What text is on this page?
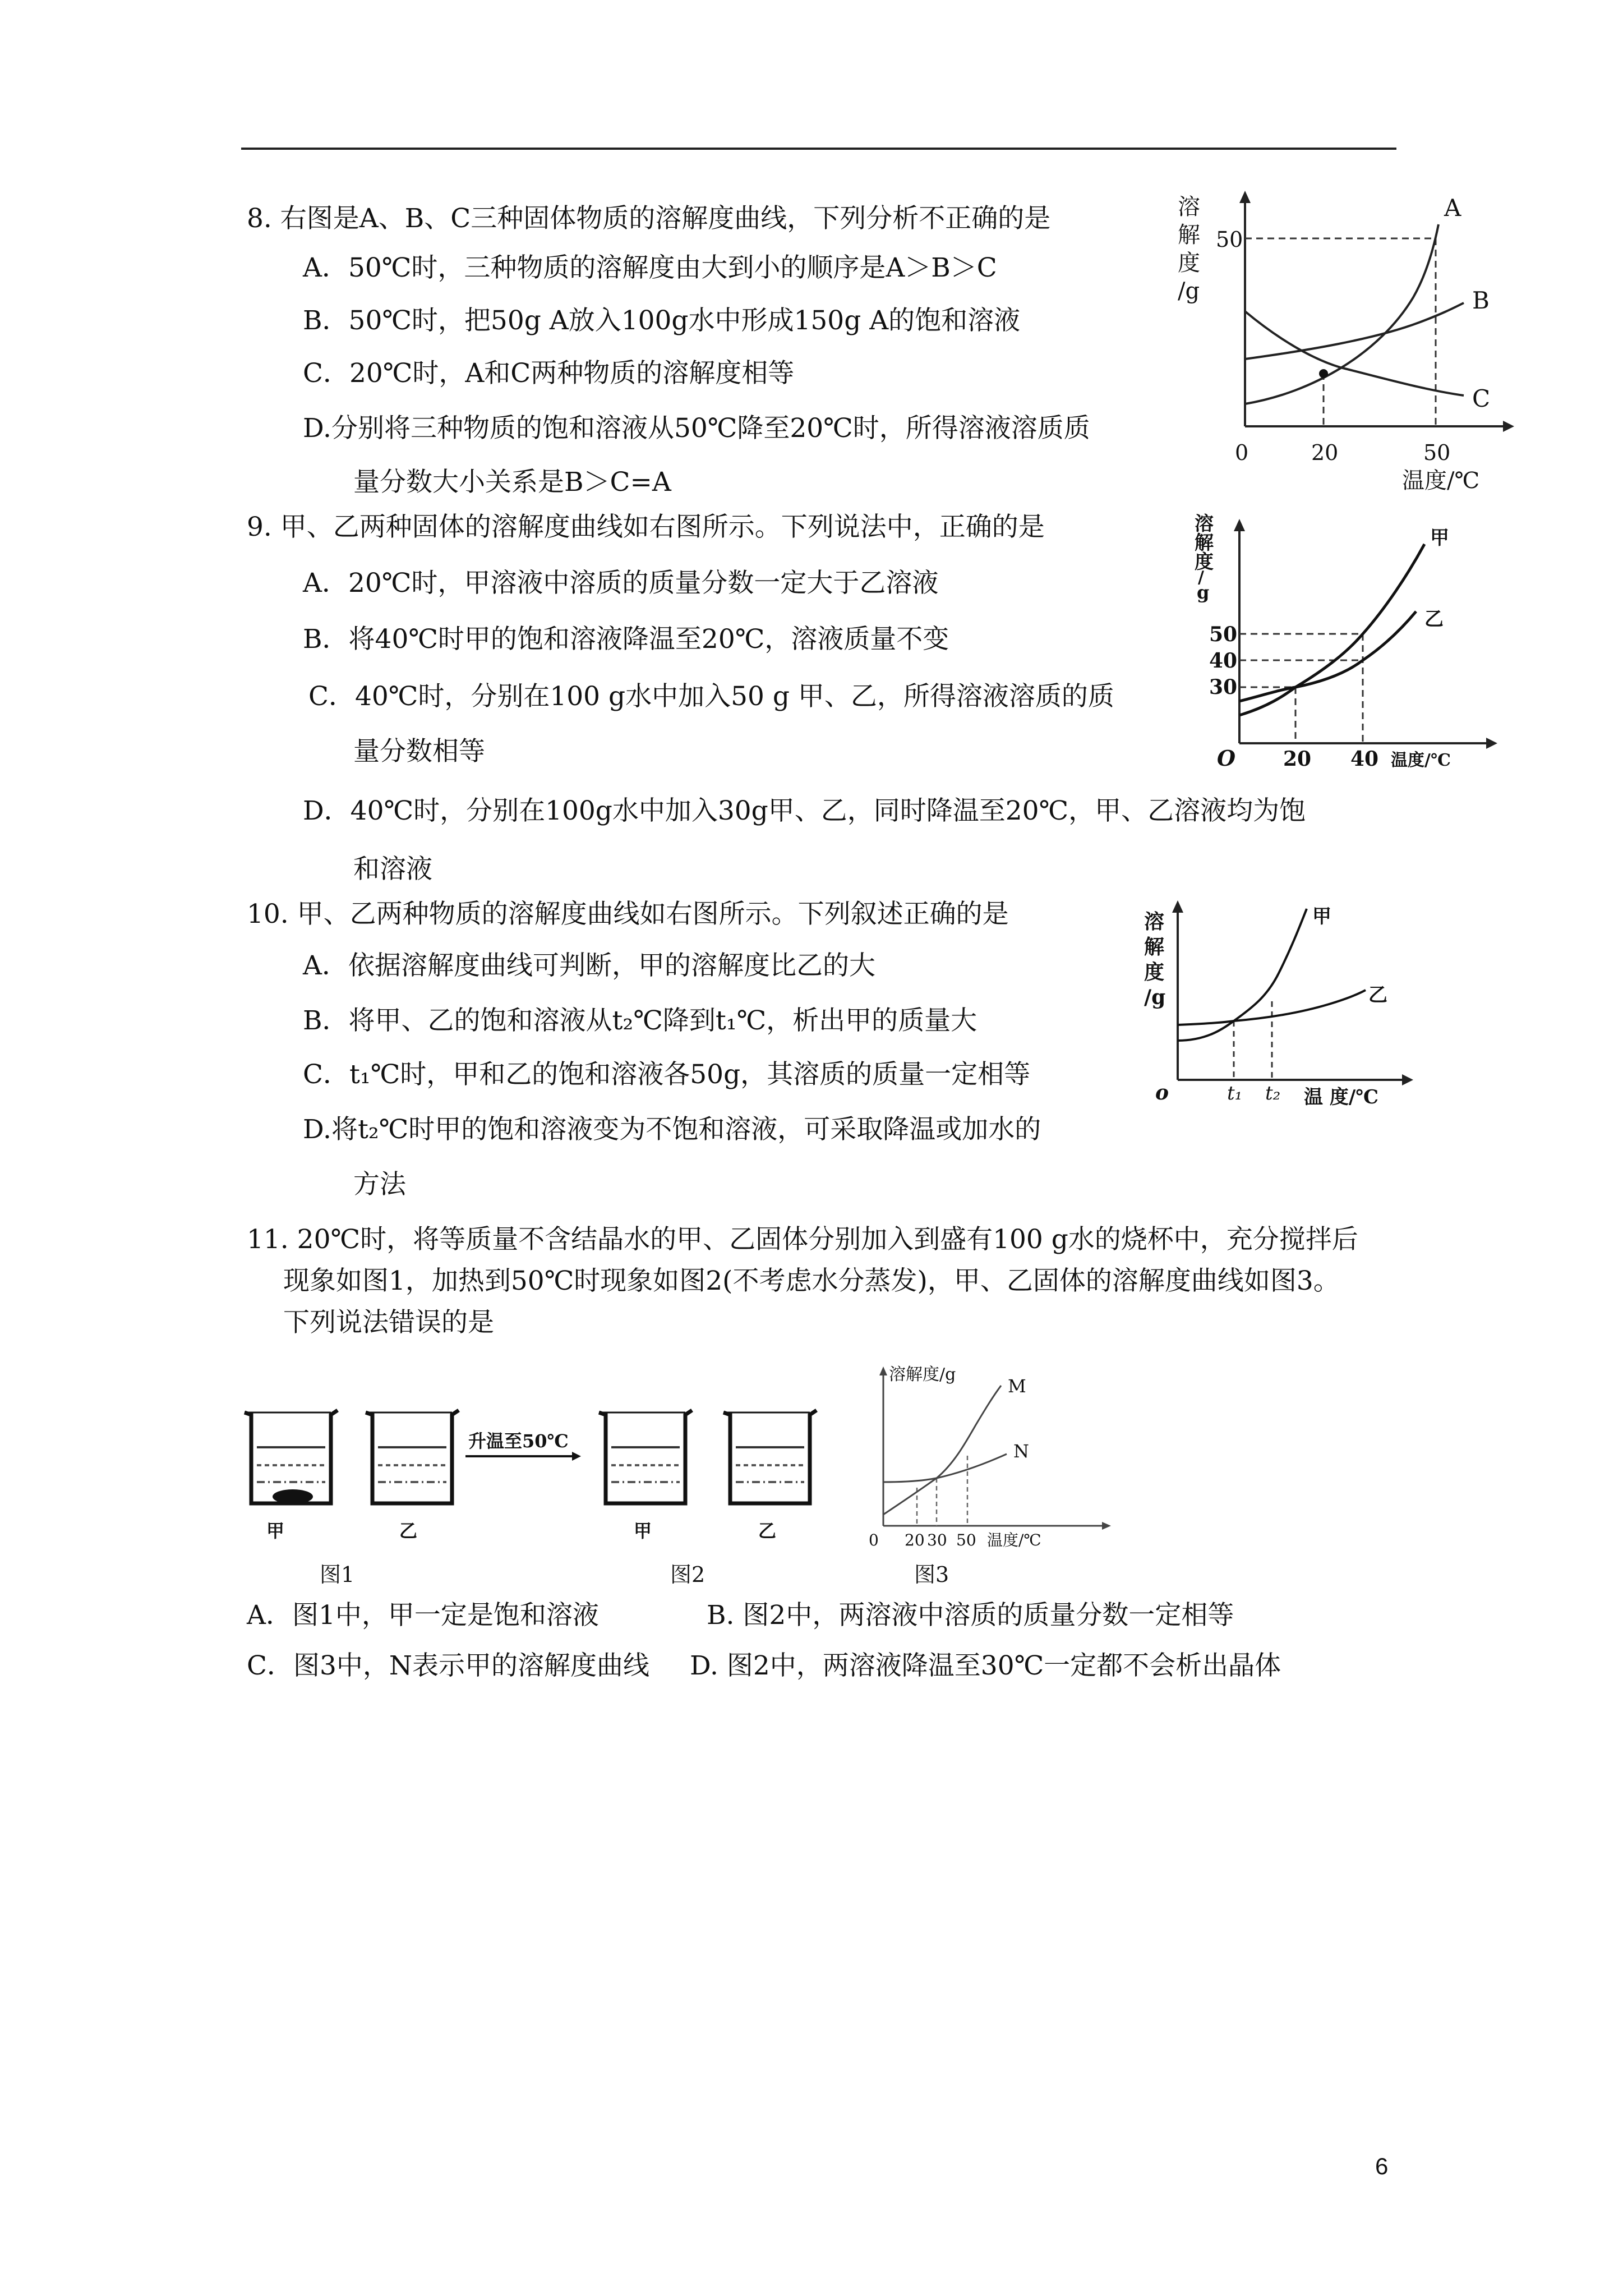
8. 右图是A、B、C三种固体物质的溶解度曲线，下列分析不正确的是
A．50℃时，三种物质的溶解度由大到小的顺序是A＞B＞C
B．50℃时，把50g A放入100g水中形成150g A的饱和溶液
C．20℃时，A和C两种物质的溶解度相等
D.分别将三种物质的饱和溶液从50℃降至20℃时，所得溶液溶质质
量分数大小关系是B＞C=A
溶
解
度
/g
50
0	20	50
温度/℃
A
B
C
9. 甲、乙两种固体的溶解度曲线如右图所示。下列说法中，正确的是
A．20℃时，甲溶液中溶质的质量分数一定大于乙溶液
B．将40℃时甲的饱和溶液降温至20℃，溶液质量不变
C．40℃时，分别在100 g水中加入50 g 甲、乙，所得溶液溶质的质
量分数相等
D．40℃时，分别在100g水中加入30g甲、乙，同时降温至20℃，甲、乙溶液均为饱
和溶液
溶
解
度
/
g
50
40
30
O 20 40 温度/℃
甲
乙
10. 甲、乙两种物质的溶解度曲线如右图所示。下列叙述正确的是
A．依据溶解度曲线可判断，甲的溶解度比乙的大
B．将甲、乙的饱和溶液从t₂℃降到t₁℃，析出甲的质量大
C．t₁℃时，甲和乙的饱和溶液各50g，其溶质的质量一定相等
D.将t₂℃时甲的饱和溶液变为不饱和溶液，可采取降温或加水的
方法
溶
解
度
/g
o	t₁ t₂ 温 度/℃
甲
乙
11. 20℃时，将等质量不含结晶水的甲、乙固体分别加入到盛有100 g水的烧杯中，充分搅拌后
现象如图1，加热到50℃时现象如图2(不考虑水分蒸发)，甲、乙固体的溶解度曲线如图3。
下列说法错误的是
升温至50℃
甲	乙	甲	乙
图1	图2
溶解度/g
M
N
0 20 30 50 温度/℃
图3
A．图1中，甲一定是饱和溶液	B. 图2中，两溶液中溶质的质量分数一定相等
C．图3中，N表示甲的溶解度曲线 D. 图2中，两溶液降温至30℃一定都不会析出晶体
6
